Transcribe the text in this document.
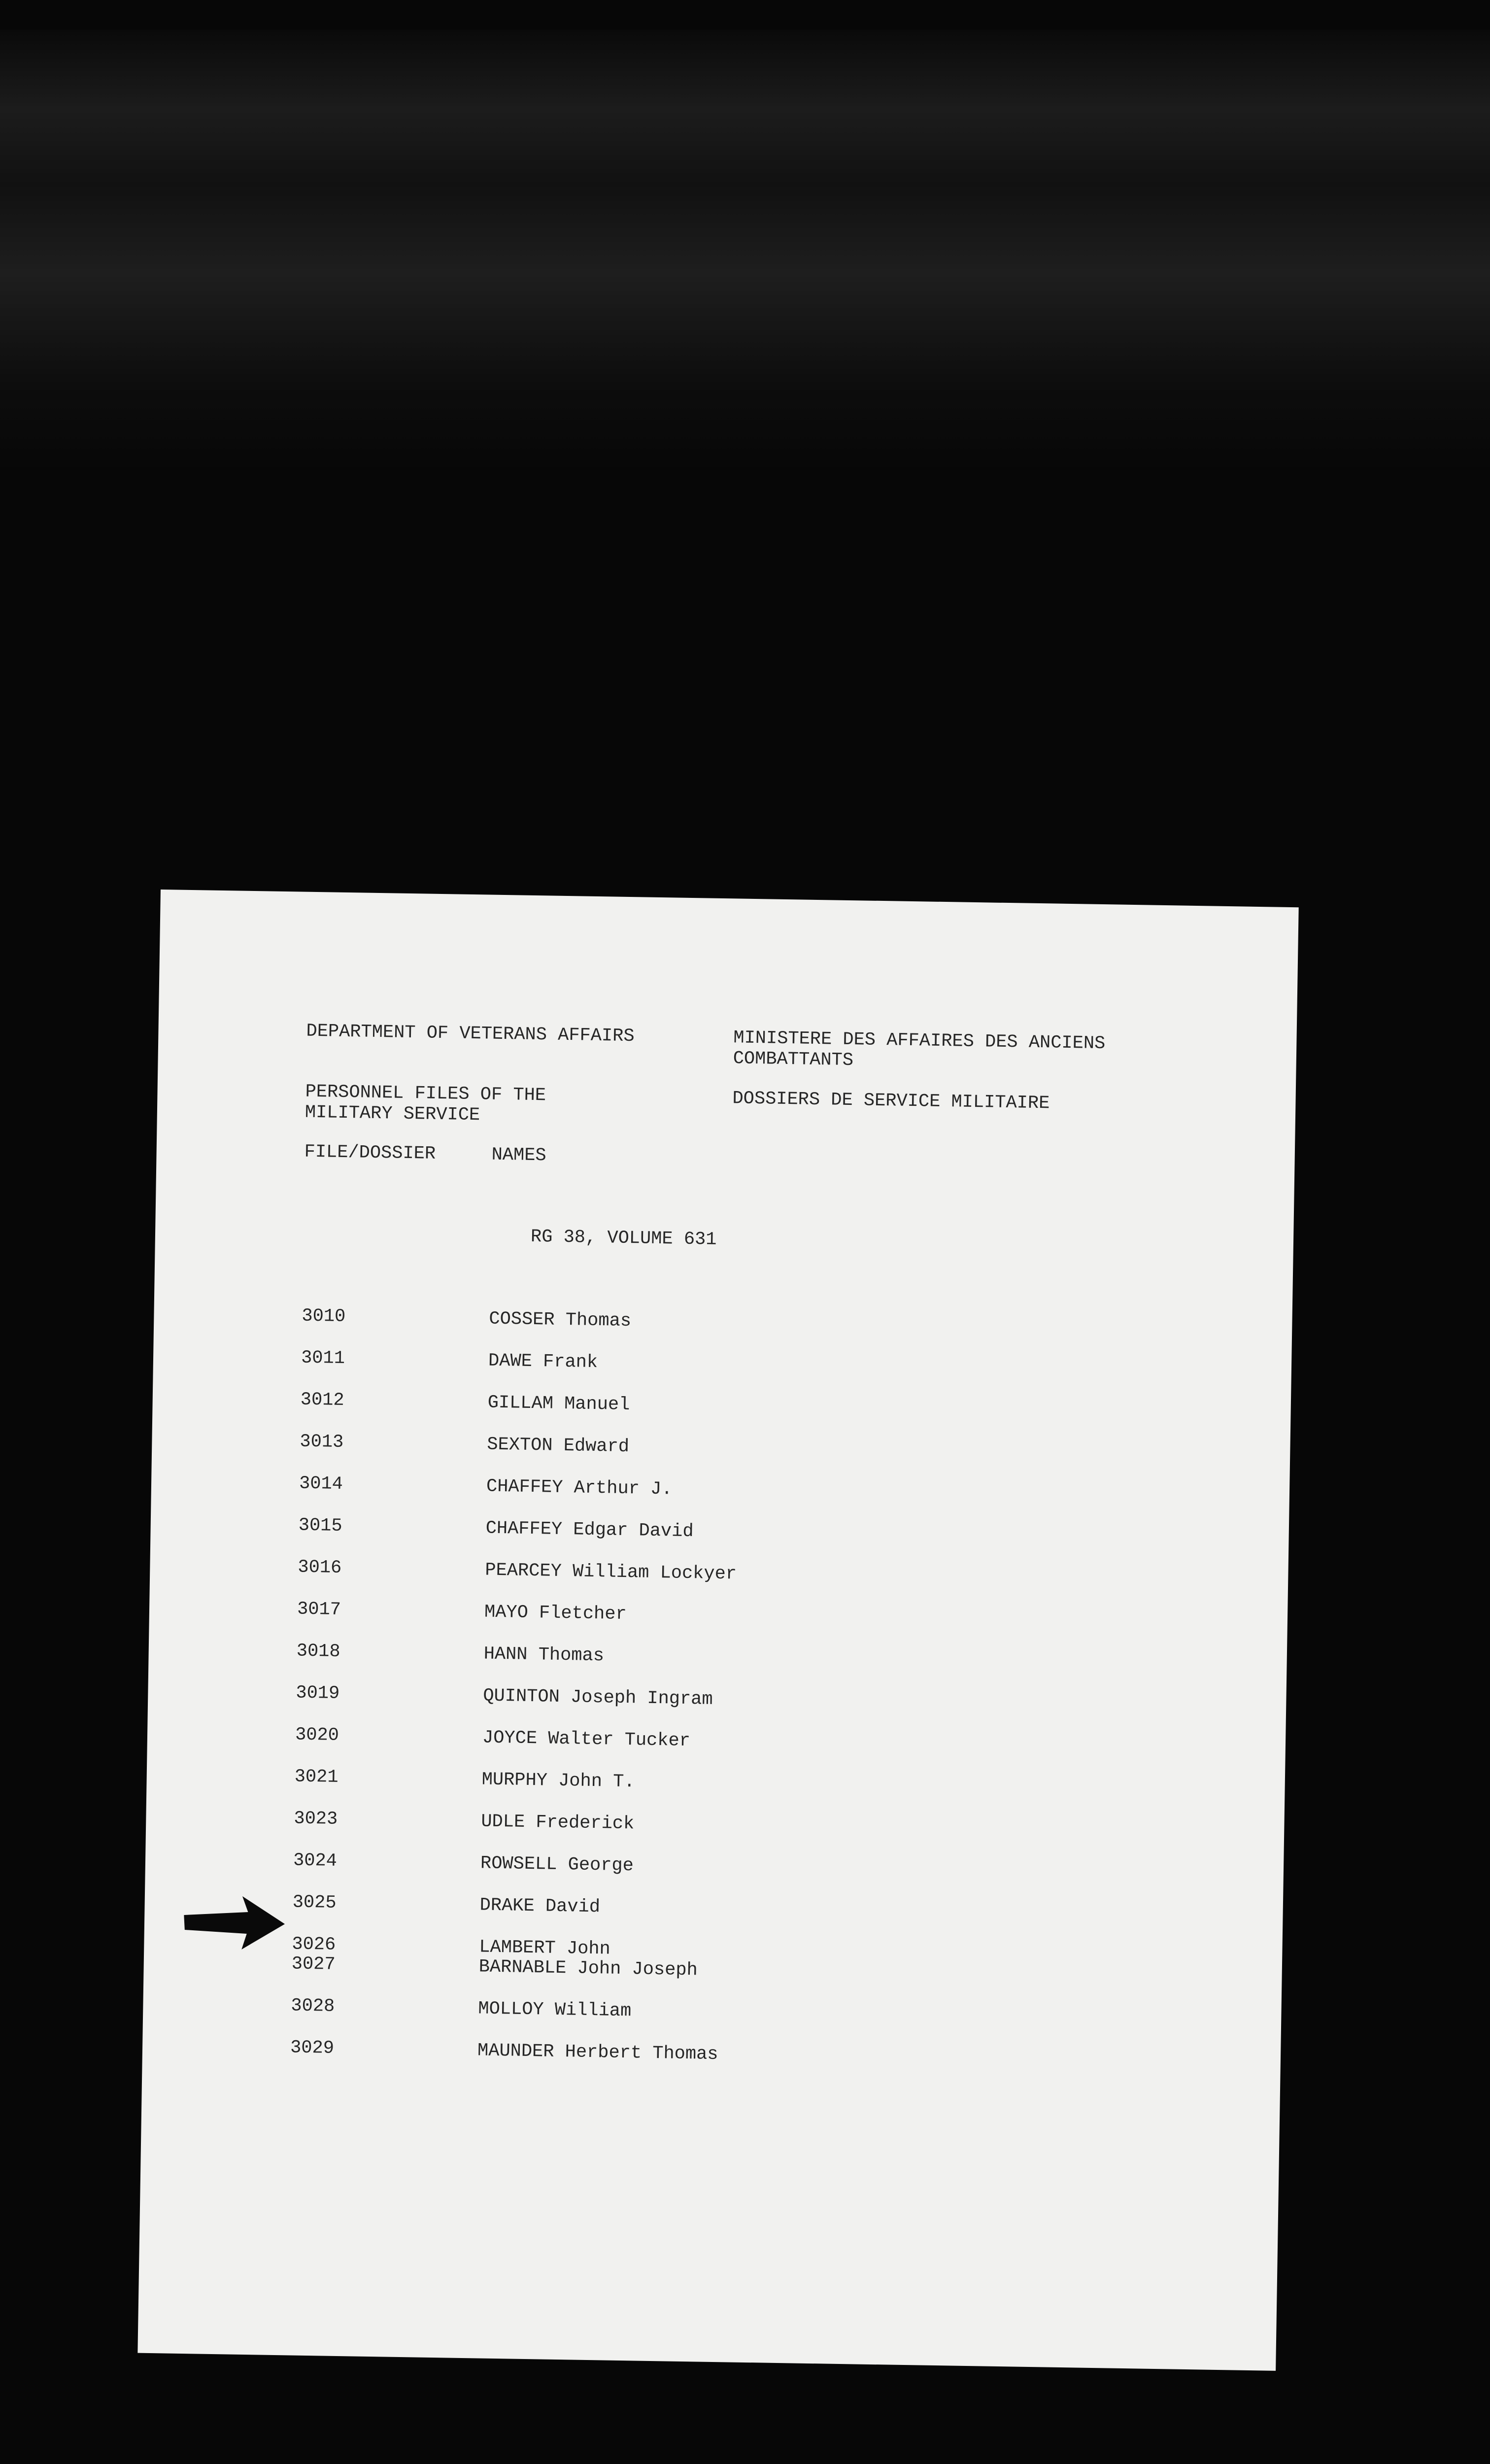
DEPARTMENT OF VETERANS AFFAIRS	MINISTERE DES AFFAIRES DES ANCIENS
COMBATTANTS
PERSONNEL FILES OF THE
MILITARY SERVICE
DOSSIERS DE SERVICE MILITAIRE
FILE/DOSSIER	NAMES
RG 38, VOLUME 631
3010	COSSER Thomas
3011	DAWE Frank
3012	GILLAM Manuel
3013	SEXTON Edward
3014	CHAFFEY Arthur J.
3015	CHAFFEY Edgar David
3016	PEARCEY William Lockyer
3017	MAYO Fletcher
3018	HANN Thomas
3019	QUINTON Joseph Ingram
3020	JOYCE Walter Tucker
3021	MURPHY John T.
3023	UDLE Frederick
3024	ROWSELL George
3025	DRAKE David
3026	LAMBERT John
3027	BARNABLE John Joseph
3028	MOLLOY William
3029	MAUNDER Herbert Thomas
